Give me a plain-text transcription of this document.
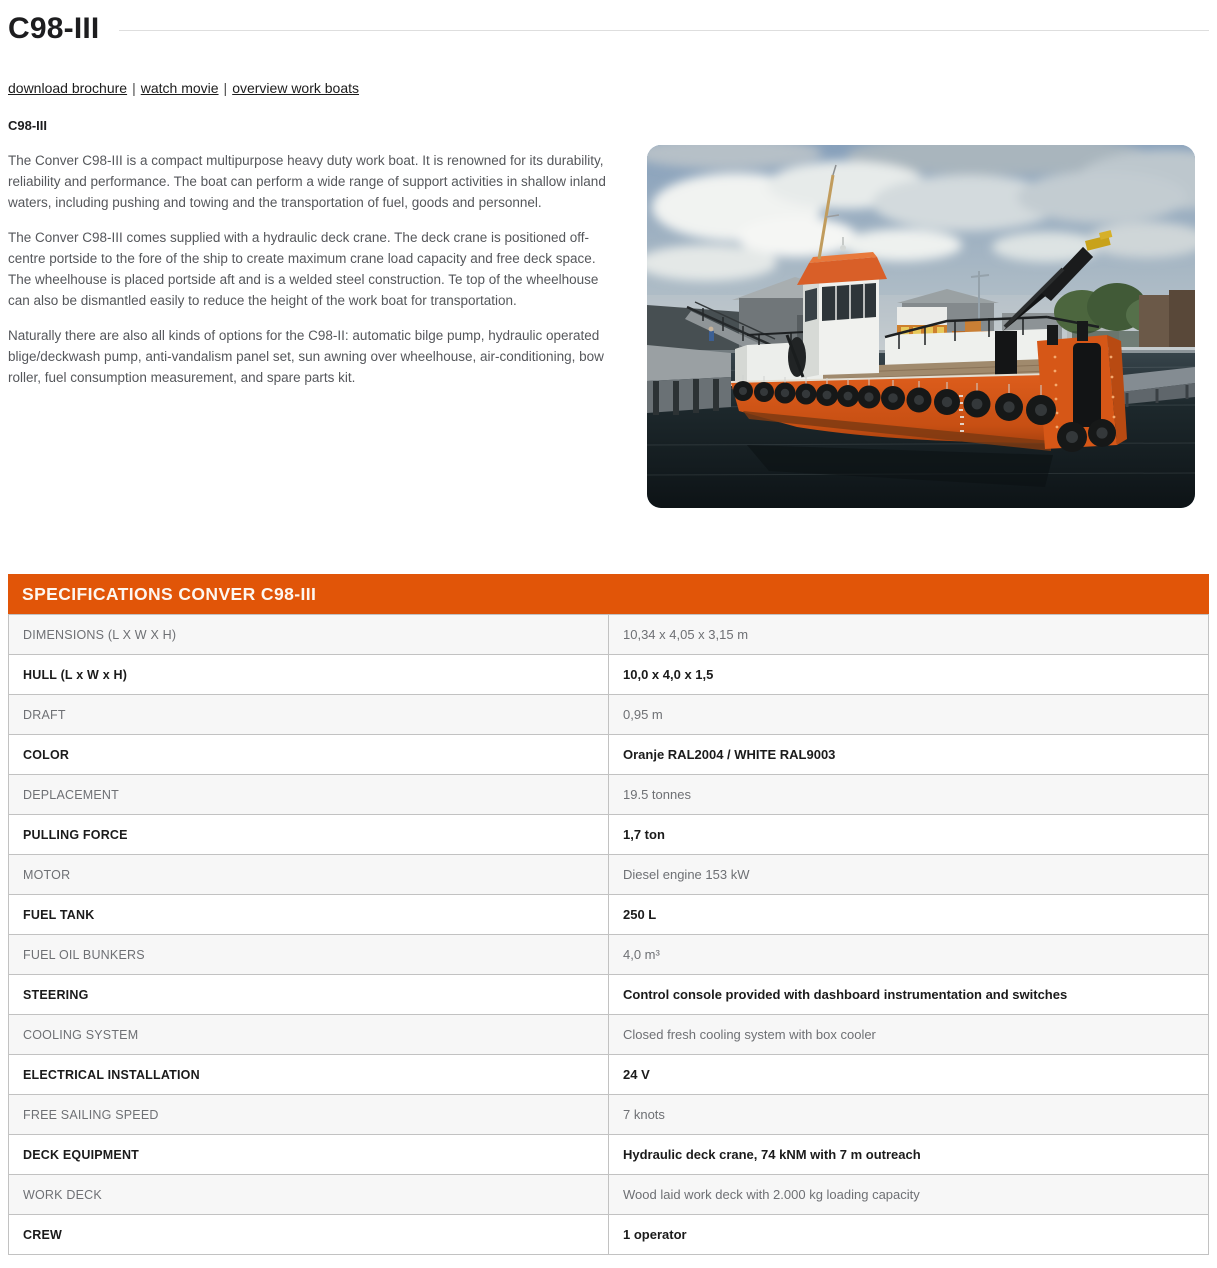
C98-III
download brochure | watch movie | overview work boats
C98-III

The Conver C98-III is a compact multipurpose heavy duty work boat. It is renowned for its durability, reliability and performance. The boat can perform a wide range of support activities in shallow inland waters, including pushing and towing and the transportation of fuel, goods and personnel.

The Conver C98-III comes supplied with a hydraulic deck crane. The deck crane is positioned off-centre portside to the fore of the ship to create maximum crane load capacity and free deck space. The wheelhouse is placed portside aft and is a welded steel construction. Te top of the wheelhouse can also be dismantled easily to reduce the height of the work boat for transportation.

Naturally there are also all kinds of options for the C98-II: automatic bilge pump, hydraulic operated blige/deckwash pump, anti-vandalism panel set, sun awning over wheelhouse, air-conditioning, bow roller, fuel consumption measurement, and spare parts kit.

SPECIFICATIONS CONVER C98-III
DIMENSIONS (L X W X H)	10,34 x 4,05 x 3,15 m
HULL (L x W x H)	10,0 x 4,0 x 1,5
DRAFT	0,95 m
COLOR	Oranje RAL2004 / WHITE RAL9003
DEPLACEMENT	19.5 tonnes
PULLING FORCE	1,7 ton
MOTOR	Diesel engine 153 kW
FUEL TANK	250 L
FUEL OIL BUNKERS	4,0 m³
STEERING	Control console provided with dashboard instrumentation and switches
COOLING SYSTEM	Closed fresh cooling system with box cooler
ELECTRICAL INSTALLATION	24 V
FREE SAILING SPEED	7 knots
DECK EQUIPMENT	Hydraulic deck crane, 74 kNM with 7 m outreach
WORK DECK	Wood laid work deck with 2.000 kg loading capacity
CREW	1 operator
